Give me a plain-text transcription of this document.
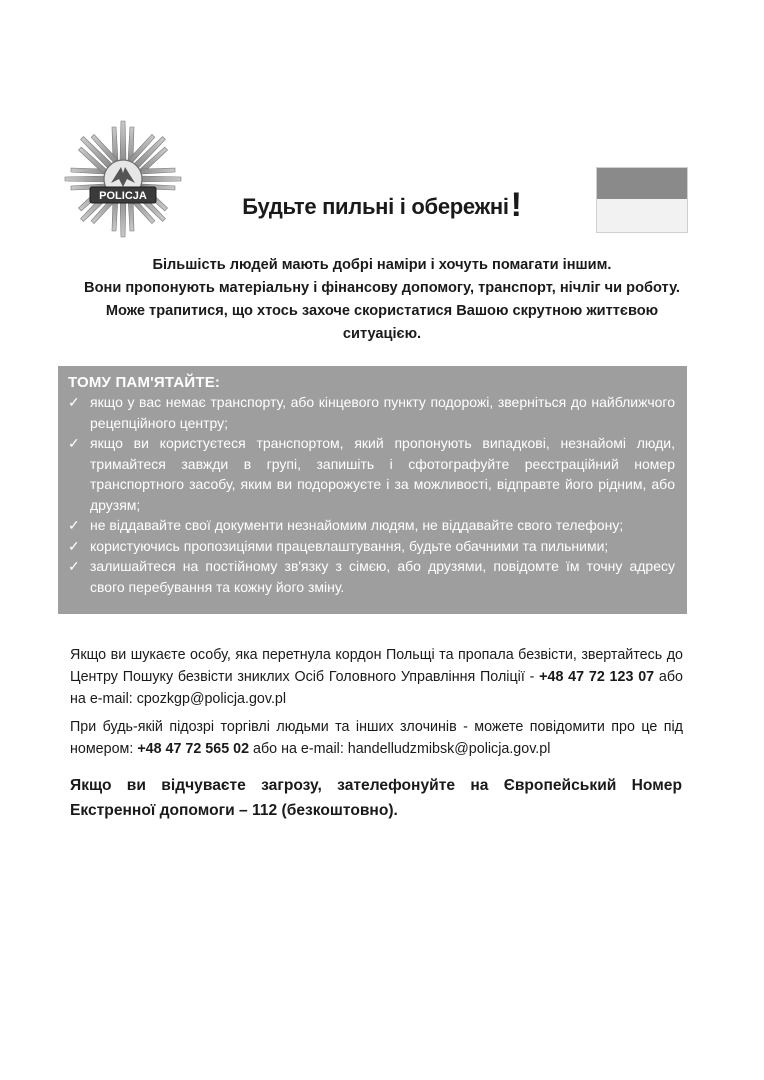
POLICJA	Будьте пильні і обережні!
Більшість людей мають добрі наміри і хочуть помагати іншим.
Вони пропонують матеріальну і фінансову допомогу, транспорт, нічліг чи роботу.
Може трапитися, що хтось захоче скористатися Вашою скрутною життєвою
ситуацією.
ТОМУ ПАМ'ЯТАЙТЕ:
✓ якщо у вас немає транспорту, або кінцевого пункту подорожі, зверніться до найближчого рецепційного центру;
✓ якщо ви користуєтеся транспортом, який пропонують випадкові, незнайомі люди, тримайтеся завжди в групі, запишіть і сфотографуйте реєстраційний номер транспортного засобу, яким ви подорожуєте і за можливості, відправте його рідним, або друзям;
✓ не віддавайте свої документи незнайомим людям, не віддавайте свого телефону;
✓ користуючись пропозиціями працевлаштування, будьте обачними та пильними;
✓ залишайтеся на постійному зв'язку з сімєю, або друзями, повідомте їм точну адресу свого перебування та кожну його зміну.
Якщо ви шукаєте особу, яка перетнула кордон Польщі та пропала безвісти, звертайтесь до Центру Пошуку безвісти зниклих Осіб Головного Управління Поліції - +48 47 72 123 07 або на e-mail: cpozkgp@policja.gov.pl
При будь-якій підозрі торгівлі людьми та інших злочинів - можете повідомити про це під номером: +48 47 72 565 02 або на e-mail: handelludzmibsk@policja.gov.pl
Якщо ви відчуваєте загрозу, зателефонуйте на Європейський Номер Екстренної допомоги – 112 (безкоштовно).
